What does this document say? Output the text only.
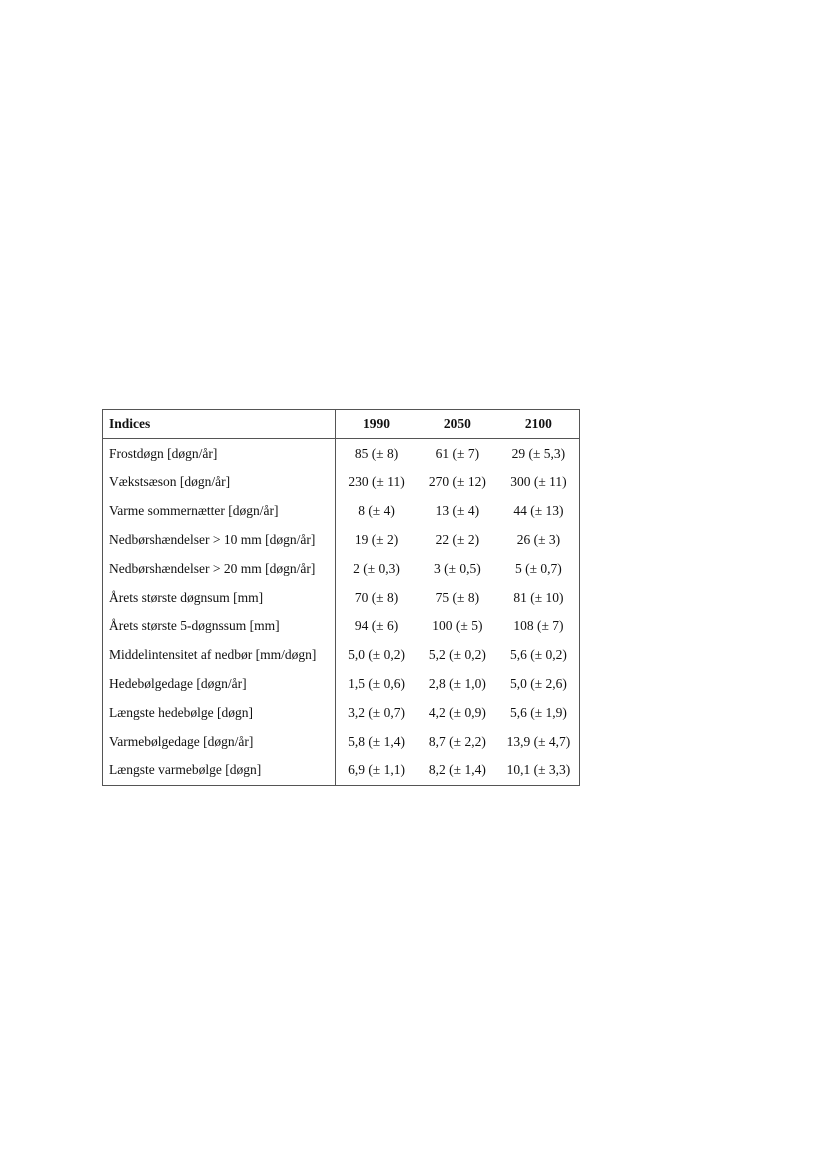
Indices	1990	2050	2100
Frostdøgn [døgn/år]	85 (± 8)	61 (± 7)	29 (± 5,3)
Vækstsæson [døgn/år]	230 (± 11)	270 (± 12)	300 (± 11)
Varme sommernætter [døgn/år]	8 (± 4)	13 (± 4)	44 (± 13)
Nedbørshændelser > 10 mm [døgn/år]	19 (± 2)	22 (± 2)	26 (± 3)
Nedbørshændelser > 20 mm [døgn/år]	2 (± 0,3)	3 (± 0,5)	5 (± 0,7)
Årets største døgnsum [mm]	70 (± 8)	75 (± 8)	81 (± 10)
Årets største 5-døgnssum [mm]	94 (± 6)	100 (± 5)	108 (± 7)
Middelintensitet af nedbør [mm/døgn]	5,0 (± 0,2)	5,2 (± 0,2)	5,6 (± 0,2)
Hedebølgedage [døgn/år]	1,5 (± 0,6)	2,8 (± 1,0)	5,0 (± 2,6)
Længste hedebølge [døgn]	3,2 (± 0,7)	4,2 (± 0,9)	5,6 (± 1,9)
Varmebølgedage [døgn/år]	5,8 (± 1,4)	8,7 (± 2,2)	13,9 (± 4,7)
Længste varmebølge [døgn]	6,9 (± 1,1)	8,2 (± 1,4)	10,1 (± 3,3)
